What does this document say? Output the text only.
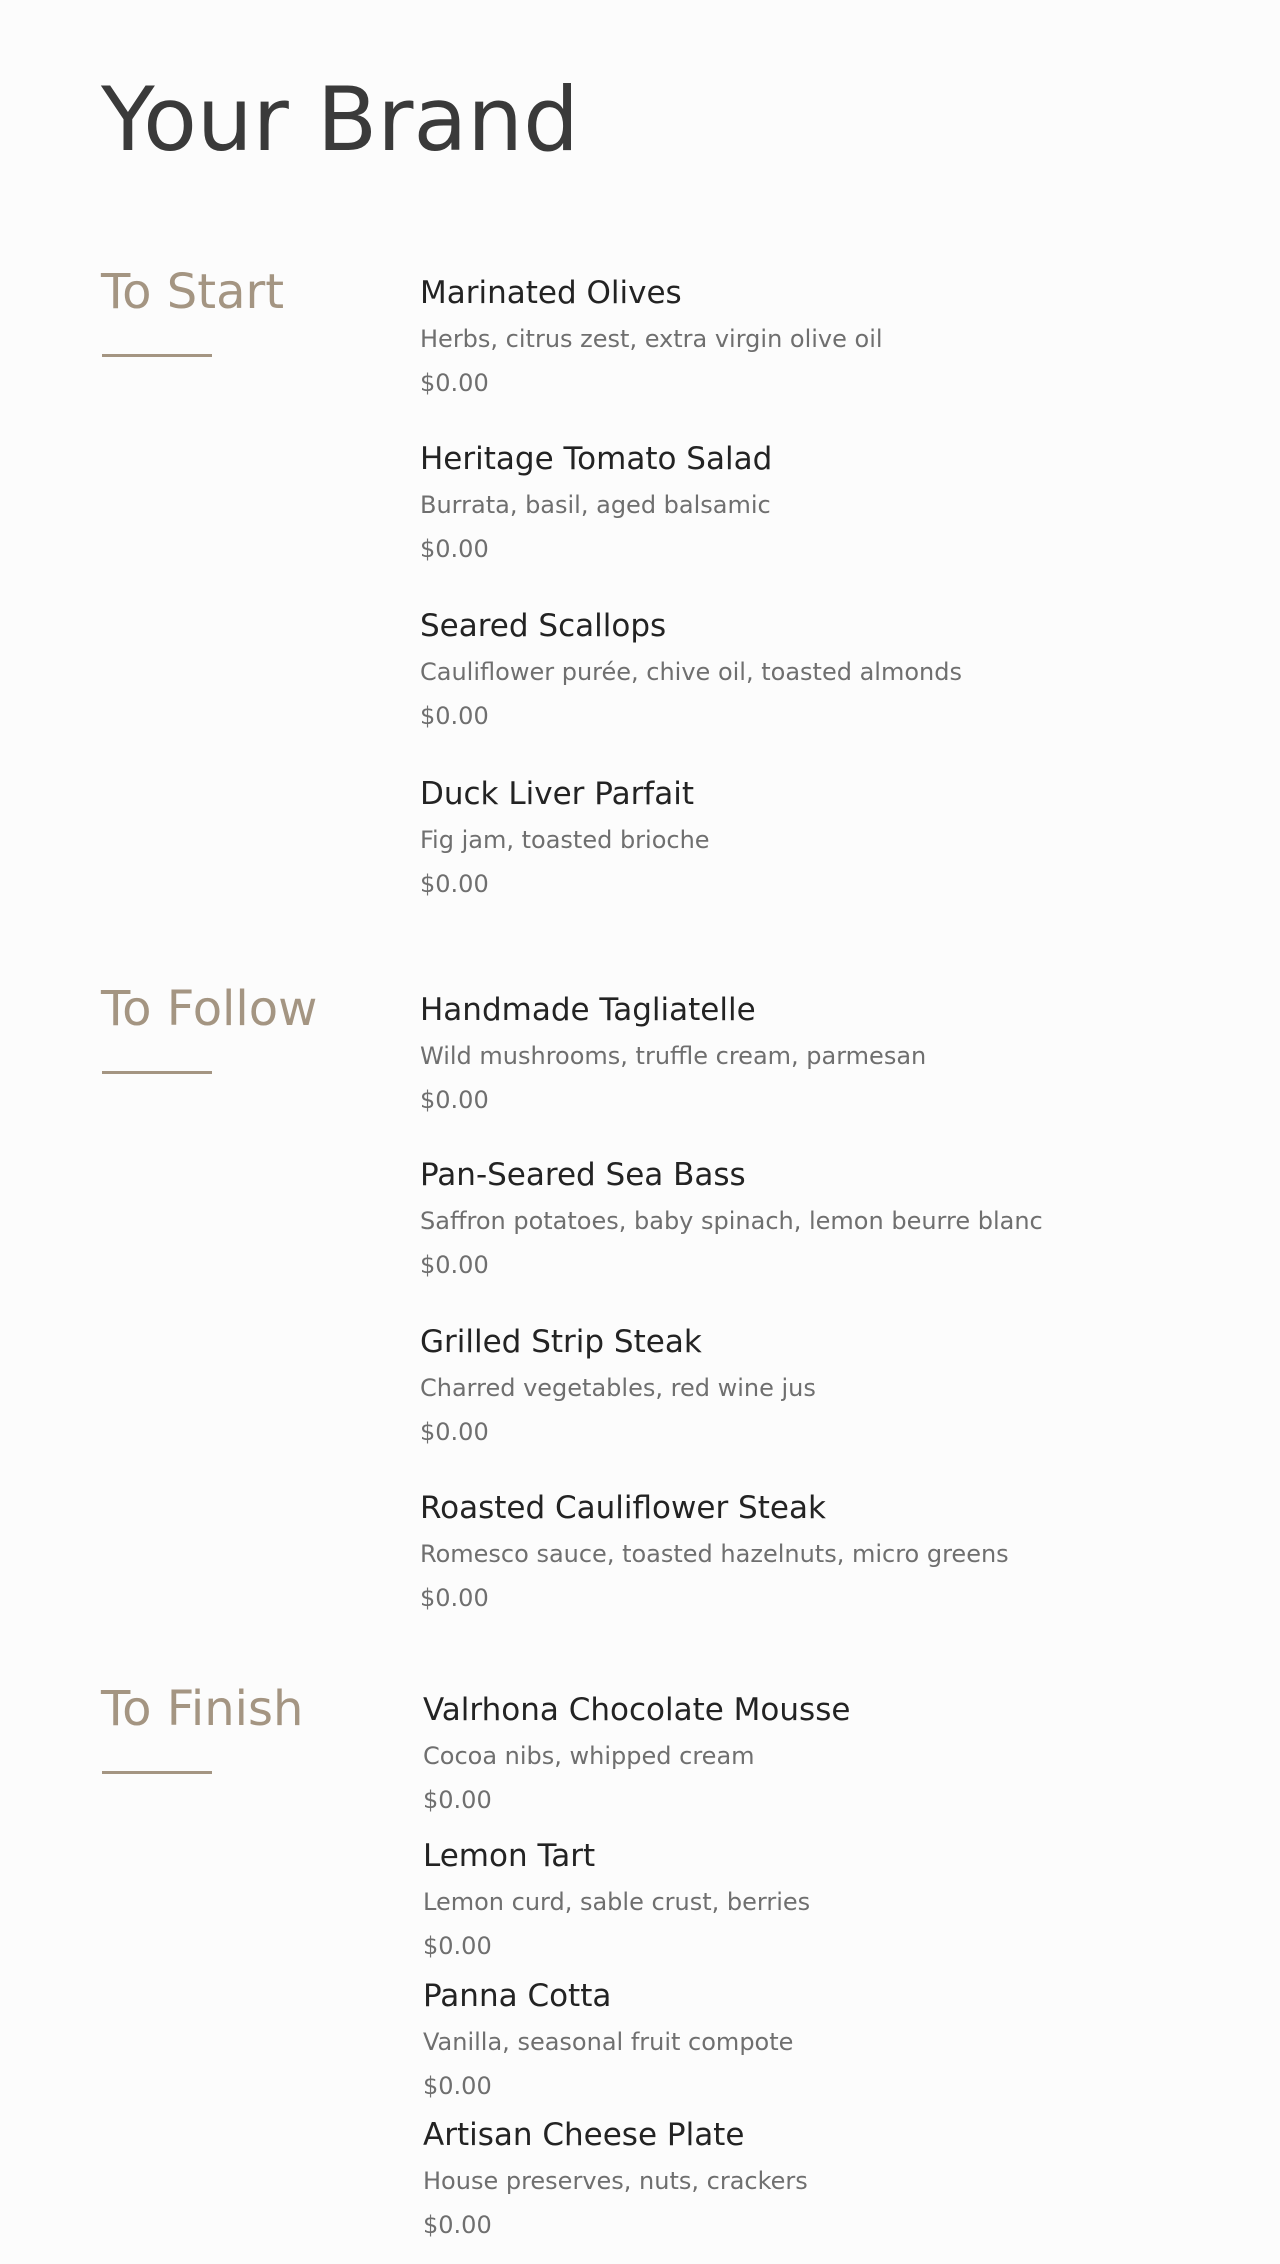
Your Brand
To Start	Marinated Olives
Herbs, citrus zest, extra virgin olive oil
$0.00
Heritage Tomato Salad
Burrata, basil, aged balsamic
$0.00
Seared Scallops
Cauliflower purée, chive oil, toasted almonds
$0.00
Duck Liver Parfait
Fig jam, toasted brioche
$0.00
To Follow	Handmade Tagliatelle
Wild mushrooms, truffle cream, parmesan
$0.00
Pan-Seared Sea Bass
Saffron potatoes, baby spinach, lemon beurre blanc
$0.00
Grilled Strip Steak
Charred vegetables, red wine jus
$0.00
Roasted Cauliflower Steak
Romesco sauce, toasted hazelnuts, micro greens
$0.00
To Finish	Valrhona Chocolate Mousse
Cocoa nibs, whipped cream
$0.00
Lemon Tart
Lemon curd, sable crust, berries
$0.00
Panna Cotta
Vanilla, seasonal fruit compote
$0.00
Artisan Cheese Plate
House preserves, nuts, crackers
$0.00
